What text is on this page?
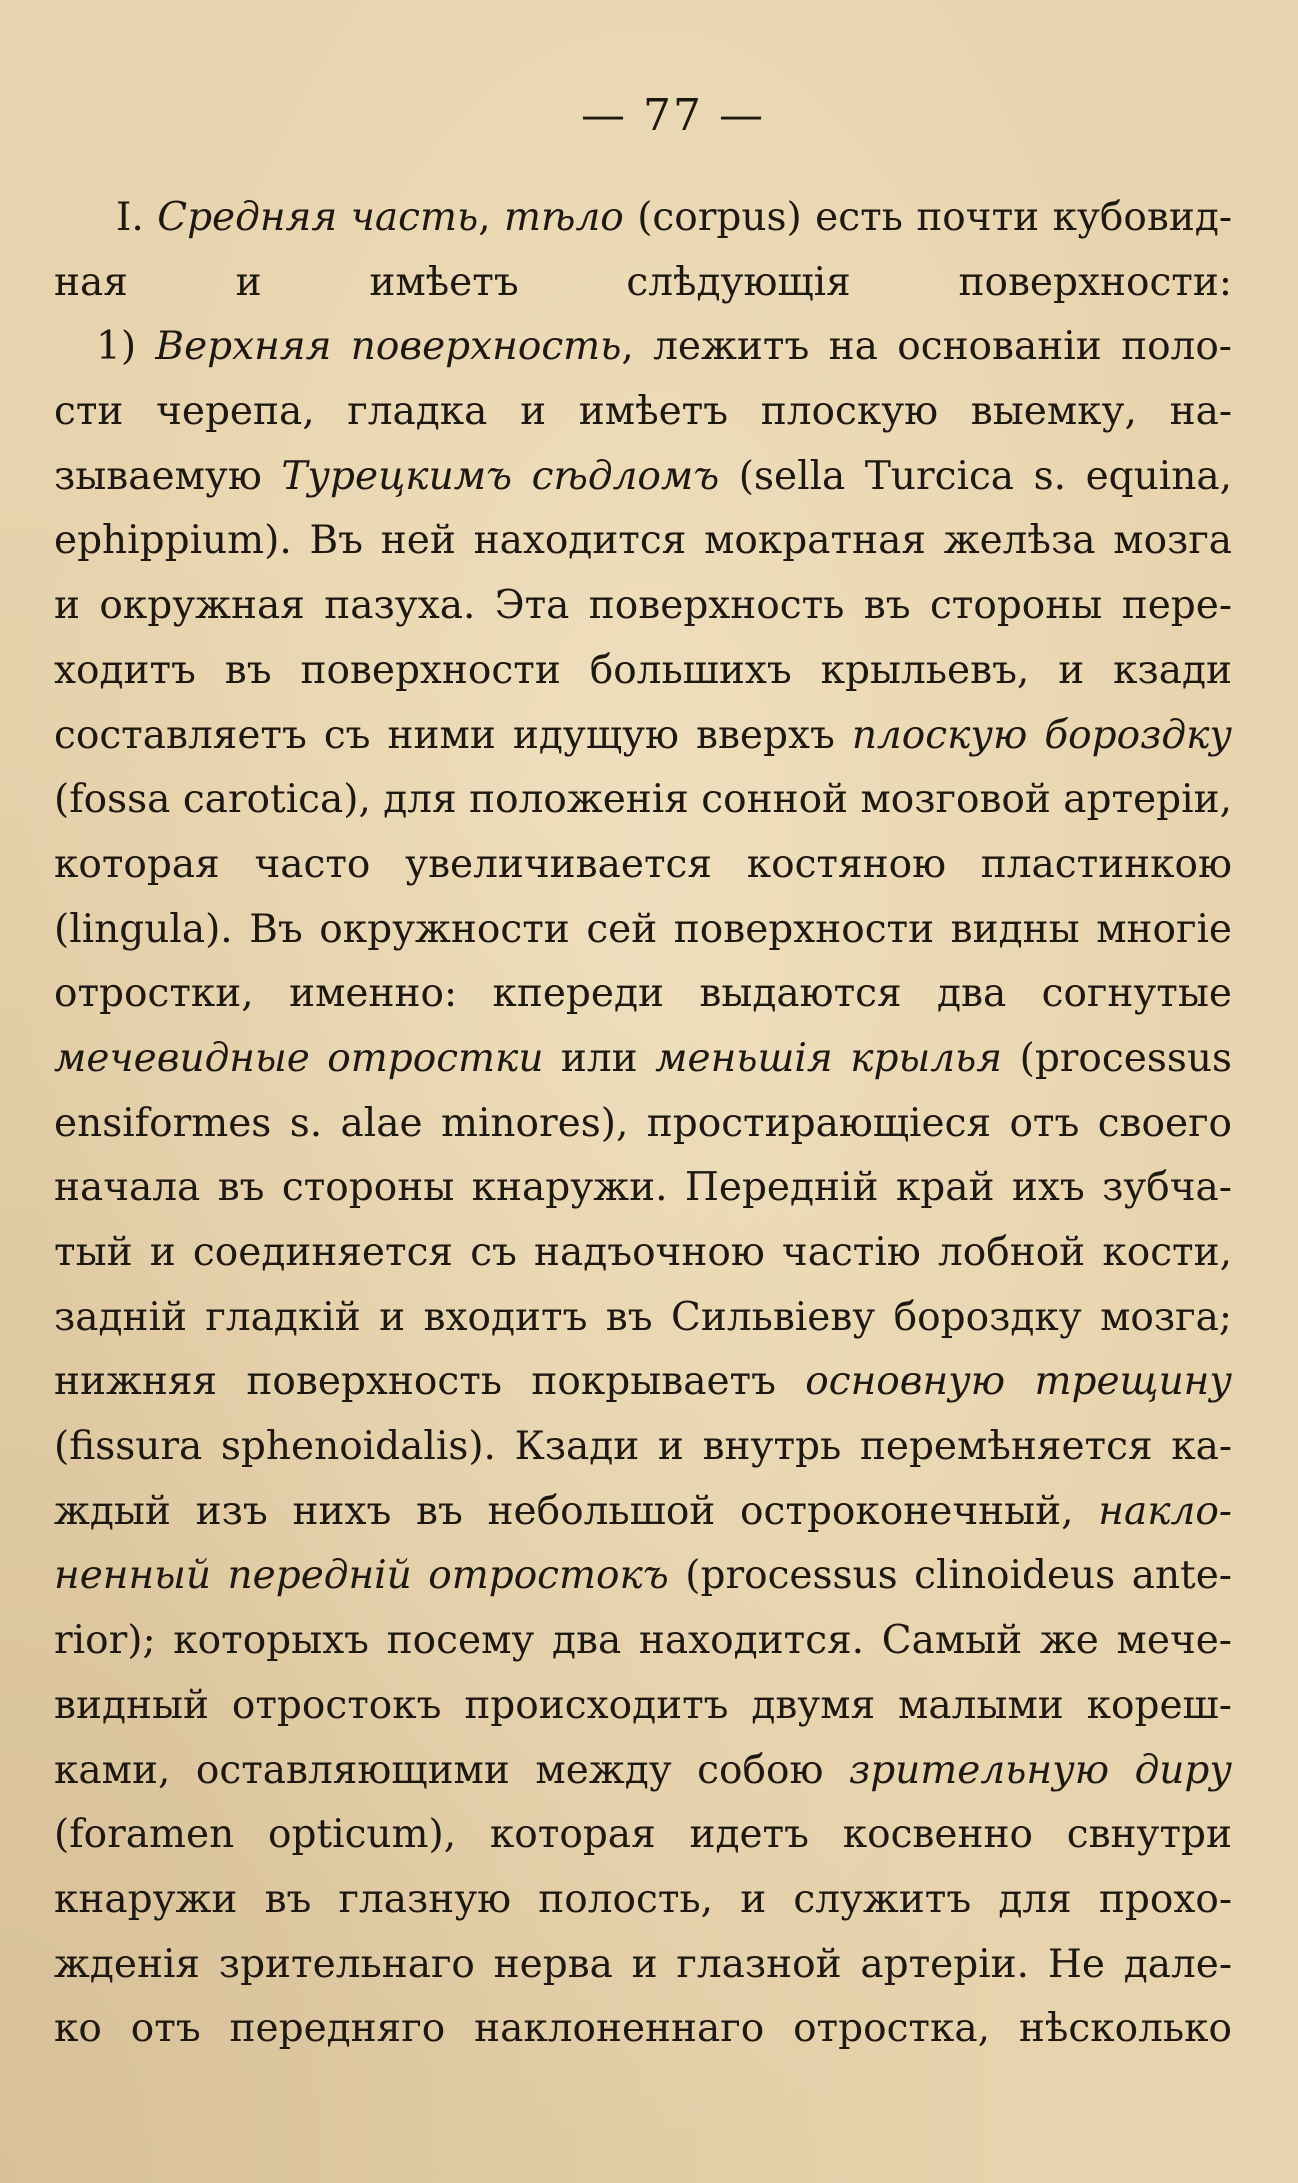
— 77 —
I. Средняя часть, тѣло (corpus) есть почти кубовид-
ная и имѣетъ слѣдующія поверхности:
1) Верхняя поверхность, лежитъ на основаніи поло-
сти черепа, гладка и имѣетъ плоскую выемку, на-
зываемую Турецкимъ сѣдломъ (sella Turcica s. equina,
ephippium). Въ ней находится мократная желѣза мозга
и окружная пазуха. Эта поверхность въ стороны пере-
ходитъ въ поверхности большихъ крыльевъ, и кзади
составляетъ съ ними идущую вверхъ плоскую бороздку
(fossa carotica), для положенія сонной мозговой артеріи,
которая часто увеличивается костяною пластинкою
(lingula). Въ окружности сей поверхности видны многіе
отростки, именно: кпереди выдаются два согнутые
мечевидные отростки или меньшія крылья (processus
ensiformes s. alae minores), простирающіеся отъ своего
начала въ стороны кнаружи. Передній край ихъ зубча-
тый и соединяется съ надъочною частію лобной кости,
задній гладкій и входитъ въ Сильвіеву бороздку мозга;
нижняя поверхность покрываетъ основную трещину
(fissura sphenoidalis). Кзади и внутрь перемѣняется ка-
ждый изъ нихъ въ небольшой остроконечный, накло-
ненный передній отростокъ (processus clinoideus ante-
rior); которыхъ посему два находится. Самый же мече-
видный отростокъ происходитъ двумя малыми кореш-
ками, оставляющими между собою зрительную диру
(foramen opticum), которая идетъ косвенно свнутри
кнаружи въ глазную полость, и служитъ для прохо-
жденія зрительнаго нерва и глазной артеріи. Не дале-
ко отъ передняго наклоненнаго отростка, нѣсколько
